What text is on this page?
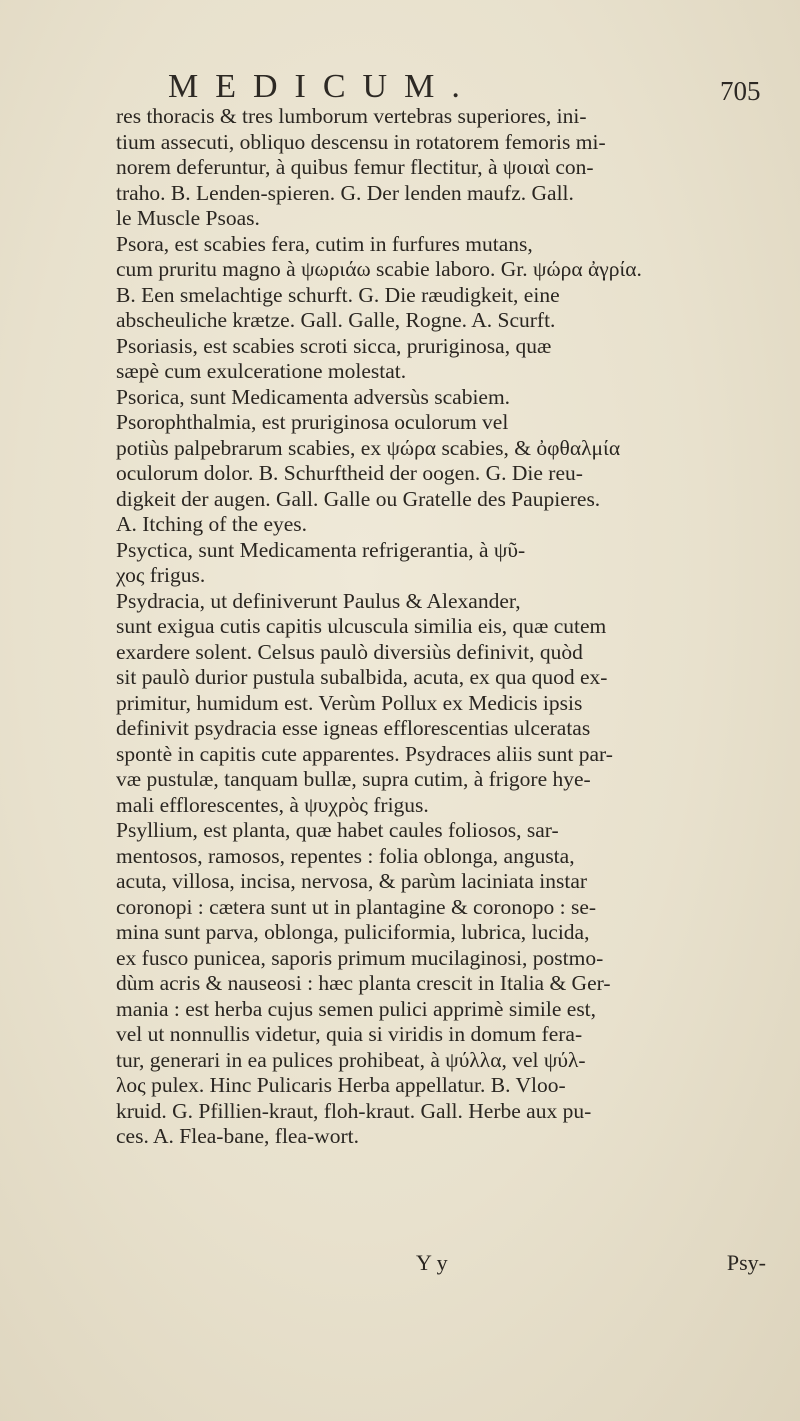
MEDICUM.	705
res thoracis & tres lumborum vertebras superiores, ini-
tium assecuti, obliquo descensu in rotatorem femoris mi-
norem deferuntur, à quibus femur flectitur, à ψοιαὶ con-
traho. B. Lenden-spieren. G. Der lenden maufz. Gall.
le Muscle Psoas.
Psora, est scabies fera, cutim in furfures mutans,
cum pruritu magno à ψωριάω scabie laboro. Gr. ψώρα ἀγρία.
B. Een smelachtige schurft. G. Die ræudigkeit, eine
abscheuliche krætze. Gall. Galle, Rogne. A. Scurft.
Psoriasis, est scabies scroti sicca, pruriginosa, quæ
sæpè cum exulceratione molestat.
Psorica, sunt Medicamenta adversùs scabiem.
Psorophthalmia, est pruriginosa oculorum vel
potiùs palpebrarum scabies, ex ψώρα scabies, & ὀφθαλμία
oculorum dolor. B. Schurftheid der oogen. G. Die reu-
digkeit der augen. Gall. Galle ou Gratelle des Paupieres.
A. Itching of the eyes.
Psyctica, sunt Medicamenta refrigerantia, à ψῦ-
χος frigus.
Psydracia, ut definiverunt Paulus & Alexander,
sunt exigua cutis capitis ulcuscula similia eis, quæ cutem
exardere solent. Celsus paulò diversiùs definivit, quòd
sit paulò durior pustula subalbida, acuta, ex qua quod ex-
primitur, humidum est. Verùm Pollux ex Medicis ipsis
definivit psydracia esse igneas efflorescentias ulceratas
spontè in capitis cute apparentes. Psydraces aliis sunt par-
væ pustulæ, tanquam bullæ, supra cutim, à frigore hye-
mali efflorescentes, à ψυχρὸς frigus.
Psyllium, est planta, quæ habet caules foliosos, sar-
mentosos, ramosos, repentes : folia oblonga, angusta,
acuta, villosa, incisa, nervosa, & parùm laciniata instar
coronopi : cætera sunt ut in plantagine & coronopo : se-
mina sunt parva, oblonga, puliciformia, lubrica, lucida,
ex fusco punicea, saporis primum mucilaginosi, postmo-
dùm acris & nauseosi : hæc planta crescit in Italia & Ger-
mania : est herba cujus semen pulici apprimè simile est,
vel ut nonnullis videtur, quia si viridis in domum fera-
tur, generari in ea pulices prohibeat, à ψύλλα, vel ψύλ-
λος pulex. Hinc Pulicaris Herba appellatur. B. Vloo-
kruid. G. Pfillien-kraut, floh-kraut. Gall. Herbe aux pu-
ces. A. Flea-bane, flea-wort.
Y y	Psy-
